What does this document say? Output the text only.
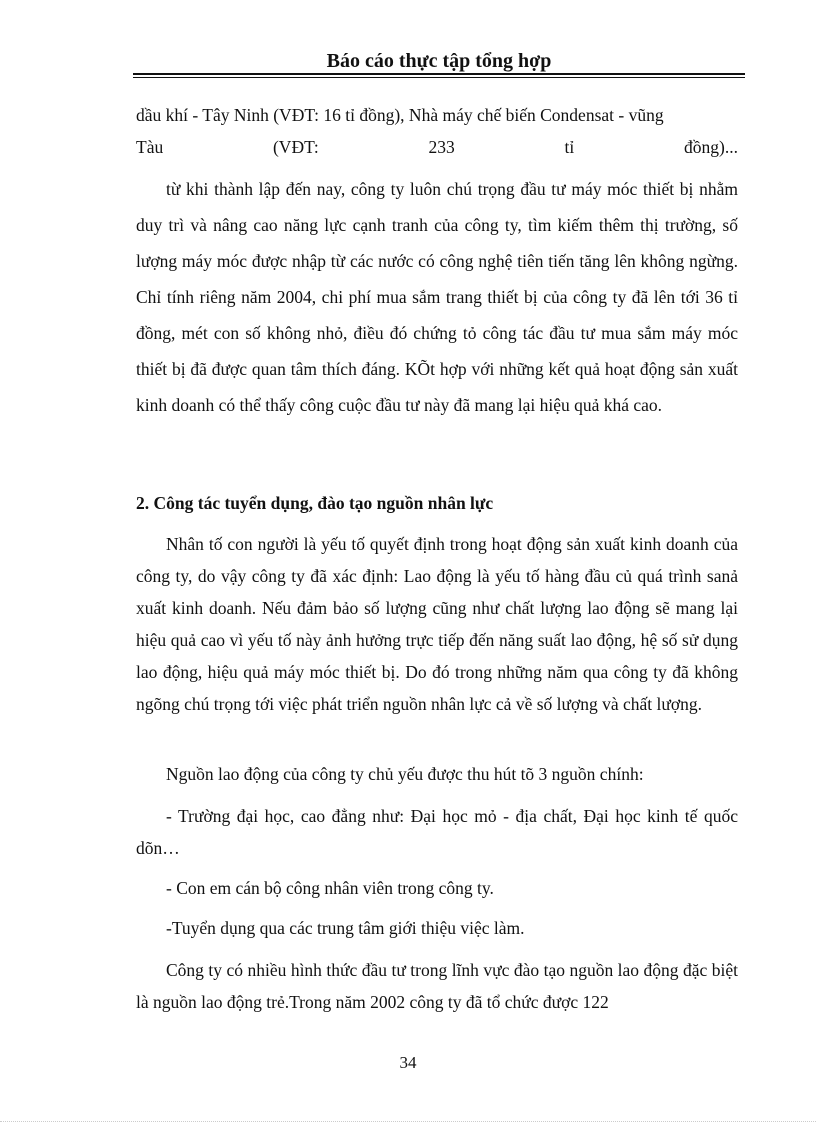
Báo cáo thực tập tổng hợp
dầu khí - Tây Ninh (VĐT: 16 tỉ đồng), Nhà máy chế biến Condensat - vũng
Tàu (VĐT: 233 tỉ đồng)...
từ khi thành lập đến nay, công ty luôn chú trọng đầu tư máy móc thiết bị nhằm duy trì và nâng cao năng lực cạnh tranh của công ty, tìm kiếm thêm thị trường, số lượng máy móc được nhập từ các nước có công nghệ tiên tiến tăng lên không ngừng. Chỉ tính riêng năm 2004, chi phí mua sắm trang thiết bị của công ty đã lên tới 36 tỉ đồng, mét con số không nhỏ, điều đó chứng tỏ công tác đầu tư mua sắm máy móc thiết bị đã được quan tâm thích đáng. KÕt hợp với những kết quả hoạt động sản xuất kinh doanh có thể thấy công cuộc đầu tư này đã mang lại hiệu quả khá cao.
2. Công tác tuyển dụng, đào tạo nguồn nhân lực
Nhân tố con người là yếu tố quyết định trong hoạt động sản xuất kinh doanh của công ty, do vậy công ty đã xác định: Lao động là yếu tố hàng đầu củ quá trình sanả xuất kinh doanh. Nếu đảm bảo số lượng cũng như chất lượng lao động sẽ mang lại hiệu quả cao vì yếu tố này ảnh hưởng trực tiếp đến năng suất lao động, hệ số sử dụng lao động, hiệu quả máy móc thiết bị. Do đó trong những năm qua công ty đã không ngõng chú trọng tới việc phát triển nguồn nhân lực cả về số lượng và chất lượng.
Nguồn lao động của công ty chủ yếu được thu hút tõ 3 nguồn chính:
- Trường đại học, cao đẳng như: Đại học mỏ - địa chất, Đại học kinh tế quốc dõn…
- Con em cán bộ công nhân viên trong công ty.
-Tuyển dụng qua các trung tâm giới thiệu việc làm.
Công ty có nhiều hình thức đầu tư trong lĩnh vực đào tạo nguồn lao động đặc biệt là nguồn lao động trẻ.Trong năm 2002 công ty đã tổ chức được 122
34
